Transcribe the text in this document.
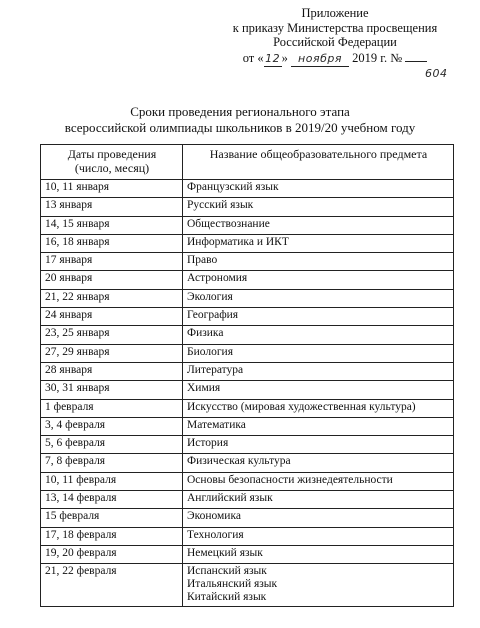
Приложение
к приказу Министерства просвещения
Российской Федерации
от « 12 » ноября 2019 г. №
604
Сроки проведения регионального этапа
всероссийской олимпиады школьников в 2019/20 учебном году
Даты проведения
(число, месяц)	Название общеобразовательного предмета
10, 11 января	Французский язык

13 января	Русский язык

14, 15 января	Обществознание

16, 18 января	Информатика и ИКТ

17 января	Право

20 января	Астрономия

21, 22 января	Экология

24 января	География

23, 25 января	Физика

27, 29 января	Биология

28 января	Литература

30, 31 января	Химия

1 февраля	Искусство (мировая художественная культура)

3, 4 февраля	Математика

5, 6 февраля	История

7, 8 февраля	Физическая культура

10, 11 февраля	Основы безопасности жизнедеятельности

13, 14 февраля	Английский язык

15 февраля	Экономика

17, 18 февраля	Технология

19, 20 февраля	Немецкий язык

21, 22 февраля	Испанский язык
Итальянский язык
Китайский язык
